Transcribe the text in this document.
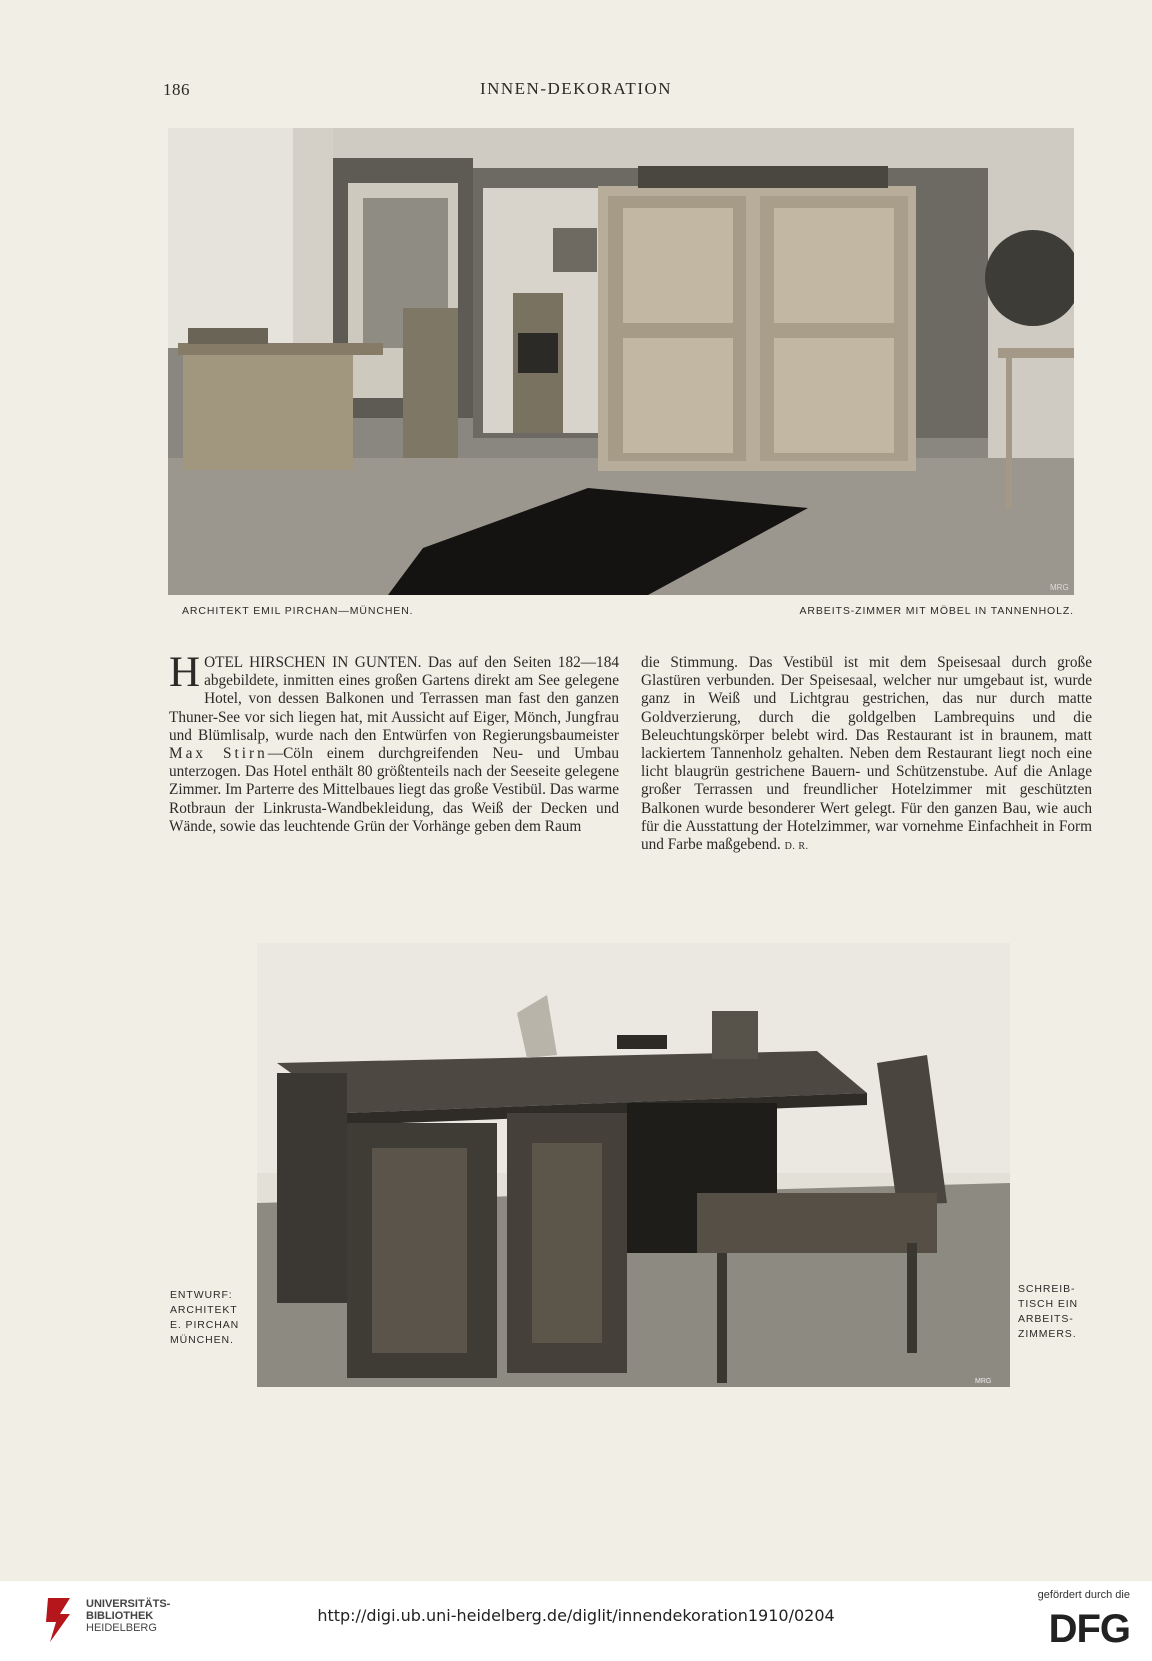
186	INNEN-DEKORATION
MRG
ARCHITEKT EMIL PIRCHAN—MÜNCHEN.	ARBEITS-ZIMMER MIT MÖBEL IN TANNENHOLZ.
HOTEL HIRSCHEN IN GUNTEN. Das auf den Seiten 182—184 abgebildete, inmitten eines großen Gartens direkt am See gelegene Hotel, von dessen Balkonen und Terrassen man fast den ganzen Thuner-See vor sich liegen hat, mit Aussicht auf Eiger, Mönch, Jungfrau und Blümlisalp, wurde nach den Entwürfen von Regierungsbaumeister Max Stirn—Cöln einem durchgreifenden Neu- und Umbau unterzogen. Das Hotel enthält 80 größtenteils nach der Seeseite gelegene Zimmer. Im Parterre des Mittelbaues liegt das große Vestibül. Das warme Rotbraun der Linkrusta-Wandbekleidung, das Weiß der Decken und Wände, sowie das leuchtende Grün der Vorhänge geben dem Raum
die Stimmung. Das Vestibül ist mit dem Speisesaal durch große Glastüren verbunden. Der Speisesaal, welcher nur umgebaut ist, wurde ganz in Weiß und Lichtgrau gestrichen, das nur durch matte Goldverzierung, durch die goldgelben Lambrequins und die Beleuchtungskörper belebt wird. Das Restaurant ist in braunem, matt lackiertem Tannenholz gehalten. Neben dem Restaurant liegt noch eine licht blaugrün gestrichene Bauern- und Schützenstube. Auf die Anlage großer Terrassen und freundlicher Hotelzimmer mit geschützten Balkonen wurde besonderer Wert gelegt. Für den ganzen Bau, wie auch für die Ausstattung der Hotelzimmer, war vornehme Einfachheit in Form und Farbe maßgebend. D. R.
MRG
ENTWURF:
ARCHITEKT
E. PIRCHAN
MÜNCHEN.
SCHREIB-
TISCH EIN
ARBEITS-
ZIMMERS.
UNIVERSITÄTS-
BIBLIOTHEK
HEIDELBERG
http://digi.ub.uni-heidelberg.de/diglit/innendekoration1910/0204
gefördert durch die
DFG
